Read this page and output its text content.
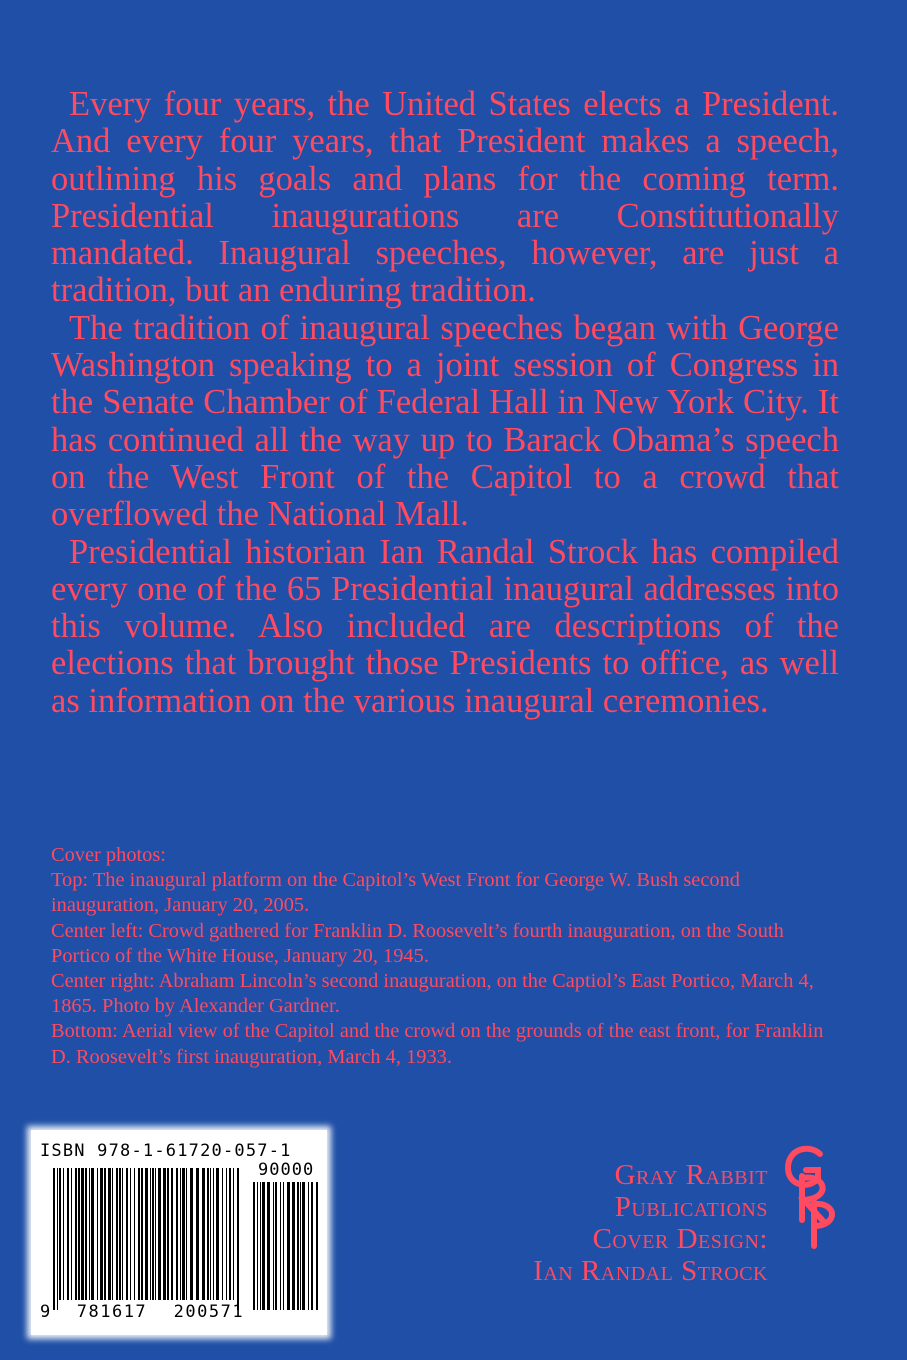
Every four years, the United States elects a President. And every four years, that President makes a speech, outlining his goals and plans for the coming term. Presidential inaugurations are Constitutionally mandated. Inaugural speeches, however, are just a tradition, but an enduring tradition.

The tradition of inaugural speeches began with George Washington speaking to a joint session of Congress in the Senate Chamber of Federal Hall in New York City. It has continued all the way up to Barack Obama’s speech on the West Front of the Capitol to a crowd that overflowed the National Mall.

Presidential historian Ian Randal Strock has compiled every one of the 65 Presidential inaugural addresses into this volume. Also included are descriptions of the elections that brought those Presidents to office, as well as information on the various inaugural ceremonies.

Cover photos:

Top: The inaugural platform on the Capitol’s West Front for George W. Bush second inauguration, January 20, 2005.

Center left: Crowd gathered for Franklin D. Roosevelt’s fourth inauguration, on the South Portico of the White House, January 20, 1945.

Center right: Abraham Lincoln’s second inauguration, on the Captiol’s East Portico, March 4, 1865. Photo by Alexander Gardner.

Bottom: Aerial view of the Capitol and the crowd on the grounds of the east front, for Franklin D. Roosevelt’s first inauguration, March 4, 1933.

ISBN 978-1-61720-057-1
90000
9 781617 200571
Gray Rabbit
Publications
Cover Design:
Ian Randal Strock
